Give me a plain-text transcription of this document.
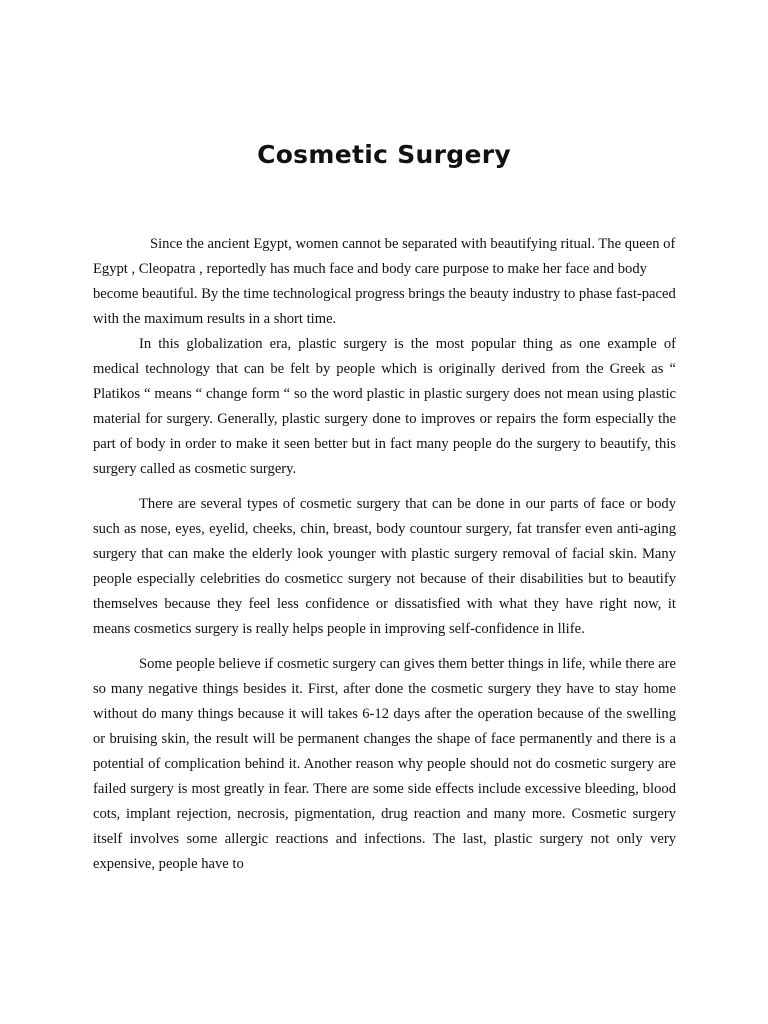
Cosmetic Surgery

Since the ancient Egypt, women cannot be separated with beautifying ritual. The queen of Egypt , Cleopatra , reportedly has much face and body care purpose to make her face and body become beautiful. By the time technological progress brings the beauty industry to phase fast-paced with the maximum results in a short time.

In this globalization era, plastic surgery is the most popular thing as one example of medical technology that can be felt by people which is originally derived from the Greek as “ Platikos “ means “ change form “ so the word plastic in plastic surgery does not mean using plastic material for surgery. Generally, plastic surgery done to improves or repairs the form especially the part of body in order to make it seen better but in fact many people do the surgery to beautify, this surgery called as cosmetic surgery.

There are several types of cosmetic surgery that can be done in our parts of face or body such as nose, eyes, eyelid, cheeks, chin, breast, body countour surgery, fat transfer even anti-aging surgery that can make the elderly look younger with plastic surgery removal of facial skin. Many people especially celebrities do cosmeticc surgery not because of their disabilities but to beautify themselves because they feel less confidence or dissatisfied with what they have right now, it means cosmetics surgery is really helps people in improving self-confidence in llife.

Some people believe if cosmetic surgery can gives them better things in life, while there are so many negative things besides it. First, after done the cosmetic surgery they have to stay home without do many things because it will takes 6-12 days after the operation because of the swelling or bruising skin, the result will be permanent changes the shape of face permanently and there is a potential of complication behind it. Another reason why people should not do cosmetic surgery are failed surgery is most greatly in fear. There are some side effects include excessive bleeding, blood cots, implant rejection, necrosis, pigmentation, drug reaction and many more. Cosmetic surgery itself involves some allergic reactions and infections. The last, plastic surgery not only very expensive, people have to
